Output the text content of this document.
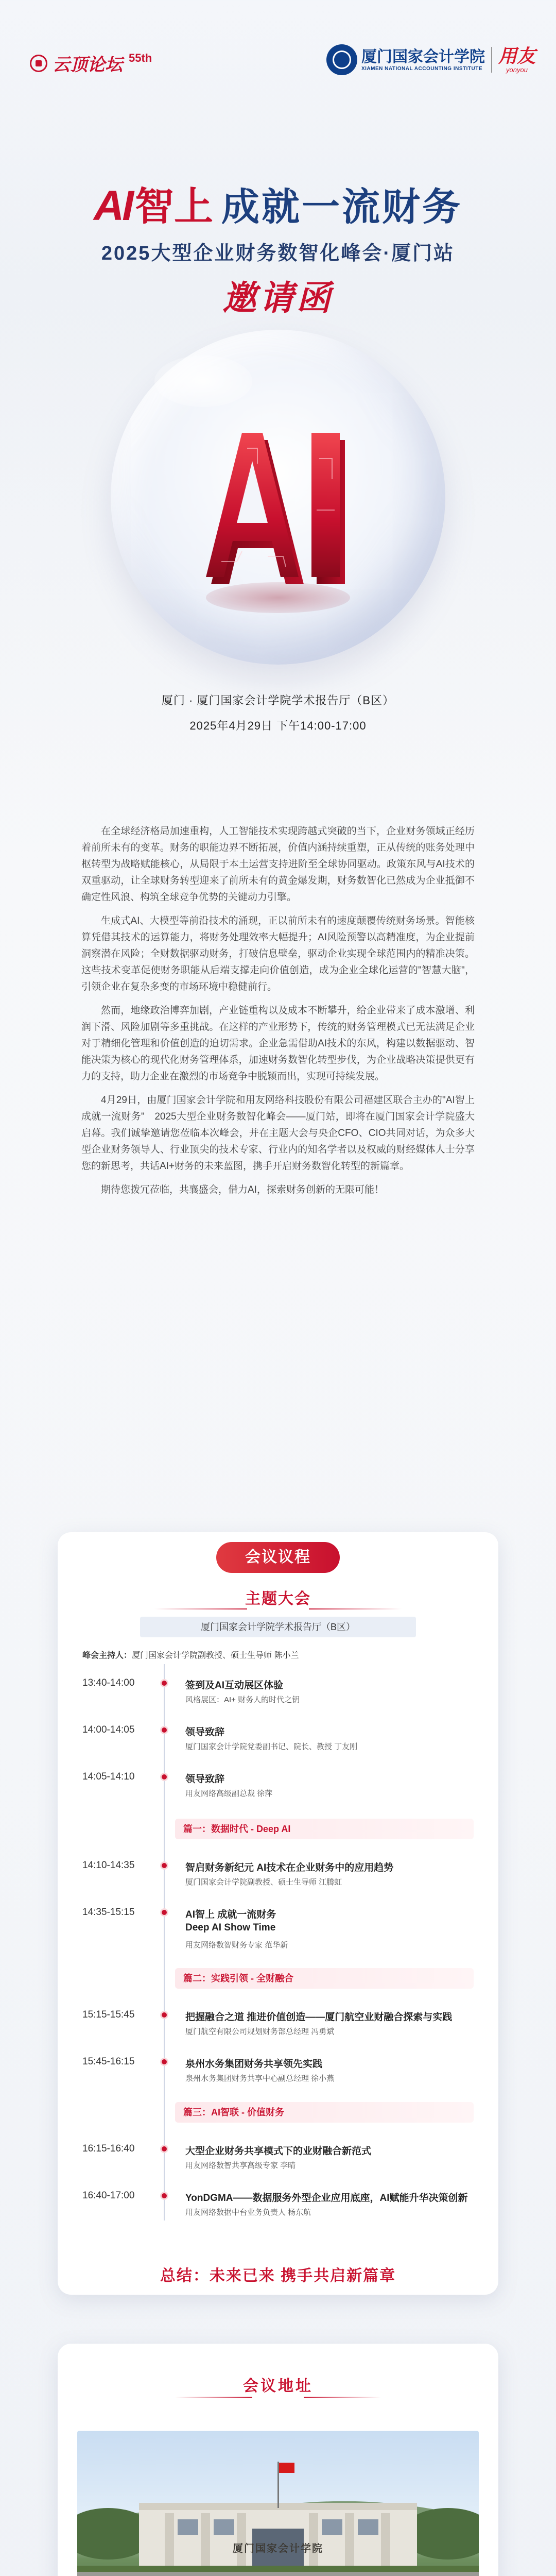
云顶论坛 55th	厦门国家会计学院
XIAMEN NATIONAL ACCOUNTING INSTITUTE
用友
yonyou
AI智上 成就一流财务
2025大型企业财务数智化峰会·厦门站
邀请函
厦门 · 厦门国家会计学院学术报告厅（B区）
2025年4月29日 下午14:00-17:00

在全球经济格局加速重构，人工智能技术实现跨越式突破的当下，企业财务领域正经历着前所未有的变革。财务的职能边界不断拓展，价值内涵持续重塑，正从传统的账务处理中枢转型为战略赋能核心，从局限于本土运营支持进阶至全球协同驱动。政策东风与AI技术的双重驱动，让全球财务转型迎来了前所未有的黄金爆发期，财务数智化已然成为企业抵御不确定性风浪、构筑全球竞争优势的关键动力引擎。

生成式AI、大模型等前沿技术的涌现，正以前所未有的速度颠覆传统财务场景。智能核算凭借其技术的运算能力，将财务处理效率大幅提升；AI风险预警以高精准度，为企业提前洞察潜在风险；全财数据驱动财务，打破信息壁垒，驱动企业实现全球范围内的精准决策。这些技术变革促使财务职能从后端支撑走向价值创造，成为企业全球化运营的"智慧大脑"，引领企业在复杂多变的市场环境中稳健前行。

然而，地缘政治博弈加剧，产业链重构以及成本不断攀升，给企业带来了成本激增、利润下滑、风险加剧等多重挑战。在这样的产业形势下，传统的财务管理模式已无法满足企业对于精细化管理和价值创造的迫切需求。企业急需借助AI技术的东风，构建以数据驱动、智能决策为核心的现代化财务管理体系，加速财务数智化转型步伐，为企业战略决策提供更有力的支持，助力企业在激烈的市场竞争中脱颖而出，实现可持续发展。

4月29日，由厦门国家会计学院和用友网络科技股份有限公司福建区联合主办的"AI智上成就一流财务"　2025大型企业财务数智化峰会——厦门站，即将在厦门国家会计学院盛大启幕。我们诚挚邀请您莅临本次峰会，并在主题大会与央企CFO、CIO共同对话，为众多大型企业财务领导人、行业顶尖的技术专家、行业内的知名学者以及权威的财经媒体人士分享您的新思考，共话AI+财务的未来蓝图，携手开启财务数智化转型的新篇章。

期待您拨冗莅临，共襄盛会，借力AI，探索财务创新的无限可能！

会议议程
主题大会
厦门国家会计学院学术报告厅（B区）
峰会主持人：厦门国家会计学院副教授、硕士生导师 陈小兰
13:40-14:00	签到及AI互动展区体验
风格展区：AI+ 财务人的时代之钥
14:00-14:05	领导致辞
厦门国家会计学院党委副书记、院长、教授 丁友刚
14:05-14:10	领导致辞
用友网络高级副总裁 徐萍
篇一：数据时代 - Deep AI
14:10-14:35	智启财务新纪元 AI技术在企业财务中的应用趋势
厦门国家会计学院副教授、硕士生导师 江腾虹
14:35-15:15	AI智上 成就一流财务
Deep AI Show Time
用友网络数智财务专家 范华新
篇二：实践引领 - 全财融合
15:15-15:45	把握融合之道 推进价值创造——厦门航空业财融合探索与实践
厦门航空有限公司规划财务部总经理 冯勇斌
15:45-16:15	泉州水务集团财务共享领先实践
泉州水务集团财务共享中心副总经理 徐小燕
篇三：AI智联 - 价值财务
16:15-16:40	大型企业财务共享模式下的业财融合新范式
用友网络数智共享高级专家 李晴
16:40-17:00	YonDGMA——数据服务外型企业应用底座，AI赋能升华决策创新
用友网络数据中台业务负责人 杨东航
总结：未来已来 携手共启新篇章
会议地址
厦门国家会计学院
